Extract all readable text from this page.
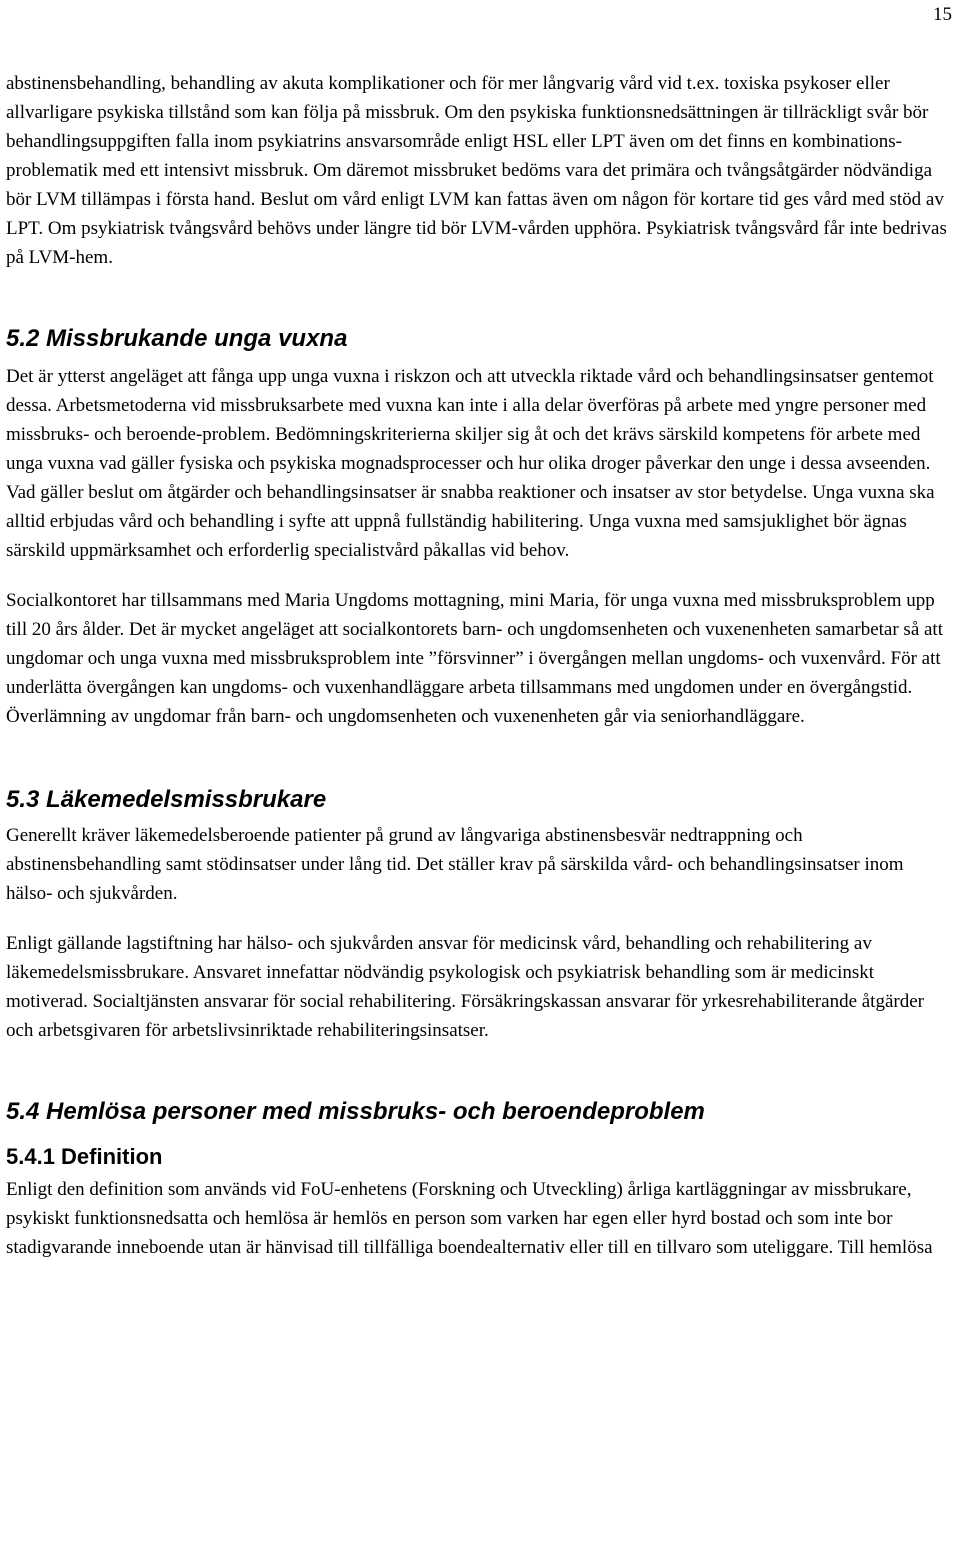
15

abstinensbehandling, behandling av akuta komplikationer och för mer långvarig vård vid t.ex. toxiska psykoser eller allvarligare psykiska tillstånd som kan följa på missbruk. Om den psykiska funktionsnedsättningen är tillräckligt svår bör behandlingsuppgiften falla inom psykiatrins ansvarsområde enligt HSL eller LPT även om det finns en kombinations-problematik med ett intensivt missbruk. Om däremot missbruket bedöms vara det primära och tvångsåtgärder nödvändiga bör LVM tillämpas i första hand. Beslut om vård enligt LVM kan fattas även om någon för kortare tid ges vård med stöd av LPT. Om psykiatrisk tvångsvård behövs under längre tid bör LVM-vården upphöra. Psykiatrisk tvångsvård får inte bedrivas på LVM-hem.

5.2 Missbrukande unga vuxna

Det är ytterst angeläget att fånga upp unga vuxna i riskzon och att utveckla riktade vård och behandlingsinsatser gentemot dessa. Arbetsmetoderna vid missbruksarbete med vuxna kan inte i alla delar överföras på arbete med yngre personer med missbruks- och beroende-problem. Bedömningskriterierna skiljer sig åt och det krävs särskild kompetens för arbete med unga vuxna vad gäller fysiska och psykiska mognadsprocesser och hur olika droger påverkar den unge i dessa avseenden. Vad gäller beslut om åtgärder och behandlingsinsatser är snabba reaktioner och insatser av stor betydelse. Unga vuxna ska alltid erbjudas vård och behandling i syfte att uppnå fullständig habilitering. Unga vuxna med samsjuklighet bör ägnas särskild uppmärksamhet och erforderlig specialistvård påkallas vid behov.

Socialkontoret har tillsammans med Maria Ungdoms mottagning, mini Maria, för unga vuxna med missbruksproblem upp till 20 års ålder. Det är mycket angeläget att socialkontorets barn- och ungdomsenheten och vuxenenheten samarbetar så att ungdomar och unga vuxna med missbruksproblem inte ”försvinner” i övergången mellan ungdoms- och vuxenvård. För att underlätta övergången kan ungdoms- och vuxenhandläggare arbeta tillsammans med ungdomen under en övergångstid. Överlämning av ungdomar från barn- och ungdomsenheten och vuxenenheten går via seniorhandläggare.

5.3 Läkemedelsmissbrukare

Generellt kräver läkemedelsberoende patienter på grund av långvariga abstinensbesvär nedtrappning och abstinensbehandling samt stödinsatser under lång tid. Det ställer krav på särskilda vård- och behandlingsinsatser inom hälso- och sjukvården.

Enligt gällande lagstiftning har hälso- och sjukvården ansvar för medicinsk vård, behandling och rehabilitering av läkemedelsmissbrukare. Ansvaret innefattar nödvändig psykologisk och psykiatrisk behandling som är medicinskt motiverad. Socialtjänsten ansvarar för social rehabilitering. Försäkringskassan ansvarar för yrkesrehabiliterande åtgärder och arbetsgivaren för arbetslivsinriktade rehabiliteringsinsatser.

5.4 Hemlösa personer med missbruks- och beroendeproblem
5.4.1 Definition

Enligt den definition som används vid FoU-enhetens (Forskning och Utveckling) årliga kartläggningar av missbrukare, psykiskt funktionsnedsatta och hemlösa är hemlös en person som varken har egen eller hyrd bostad och som inte bor stadigvarande inneboende utan är hänvisad till tillfälliga boendealternativ eller till en tillvaro som uteliggare. Till hemlösa
